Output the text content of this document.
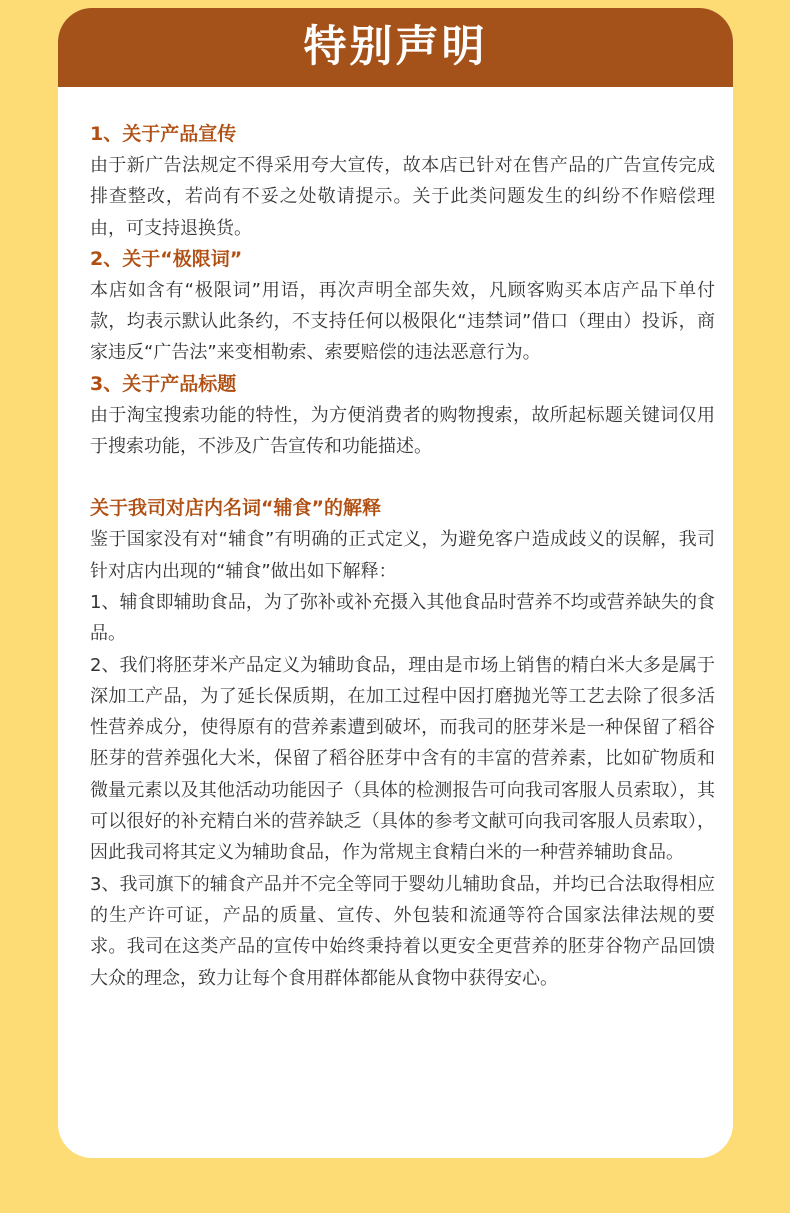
特别声明
1、关于产品宣传
由于新广告法规定不得采用夸大宣传，故本店已针对在售产品的广告宣传完成排查整改，若尚有不妥之处敬请提示。关于此类问题发生的纠纷不作赔偿理由，可支持退换货。
2、关于“极限词”
本店如含有“极限词”用语，再次声明全部失效，凡顾客购买本店产品下单付款，均表示默认此条约，不支持任何以极限化“违禁词”借口（理由）投诉，商家违反“广告法”来变相勒索、索要赔偿的违法恶意行为。
3、关于产品标题
由于淘宝搜索功能的特性，为方便消费者的购物搜索，故所起标题关键词仅用于搜索功能，不涉及广告宣传和功能描述。
关于我司对店内名词“辅食”的解释
鉴于国家没有对“辅食”有明确的正式定义，为避免客户造成歧义的误解，我司针对店内出现的“辅食”做出如下解释：
1、辅食即辅助食品，为了弥补或补充摄入其他食品时营养不均或营养缺失的食品。
2、我们将胚芽米产品定义为辅助食品，理由是市场上销售的精白米大多是属于深加工产品，为了延长保质期，在加工过程中因打磨抛光等工艺去除了很多活性营养成分，使得原有的营养素遭到破坏，而我司的胚芽米是一种保留了稻谷胚芽的营养强化大米，保留了稻谷胚芽中含有的丰富的营养素，比如矿物质和微量元素以及其他活动功能因子（具体的检测报告可向我司客服人员索取），其可以很好的补充精白米的营养缺乏（具体的参考文献可向我司客服人员索取），因此我司将其定义为辅助食品，作为常规主食精白米的一种营养辅助食品。
3、我司旗下的辅食产品并不完全等同于婴幼儿辅助食品，并均已合法取得相应的生产许可证，产品的质量、宣传、外包装和流通等符合国家法律法规的要求。我司在这类产品的宣传中始终秉持着以更安全更营养的胚芽谷物产品回馈大众的理念，致力让每个食用群体都能从食物中获得安心。
